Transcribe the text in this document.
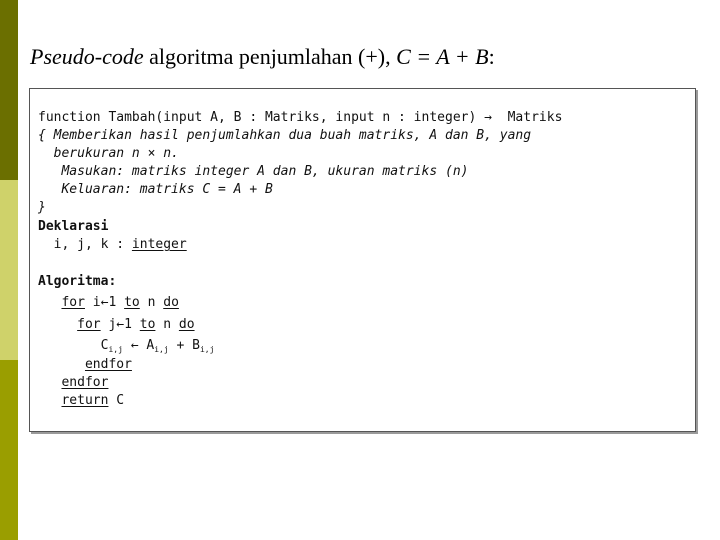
Pseudo-code algoritma penjumlahan (+), C = A + B:
function Tambah(input A, B : Matriks, input n : integer) →  Matriks
{ Memberikan hasil penjumlahkan dua buah matriks, A dan B, yang
berukuran n × n.
Masukan: matriks integer A dan B, ukuran matriks (n)
Keluaran: matriks C = A + B
}
Deklarasi
i, j, k : integer
Algoritma:
for i←1 to n do
for j←1 to n do
$C_{i,j}$ ← $A_{i,j} + B_{i,j}$
endfor
endfor
return C
